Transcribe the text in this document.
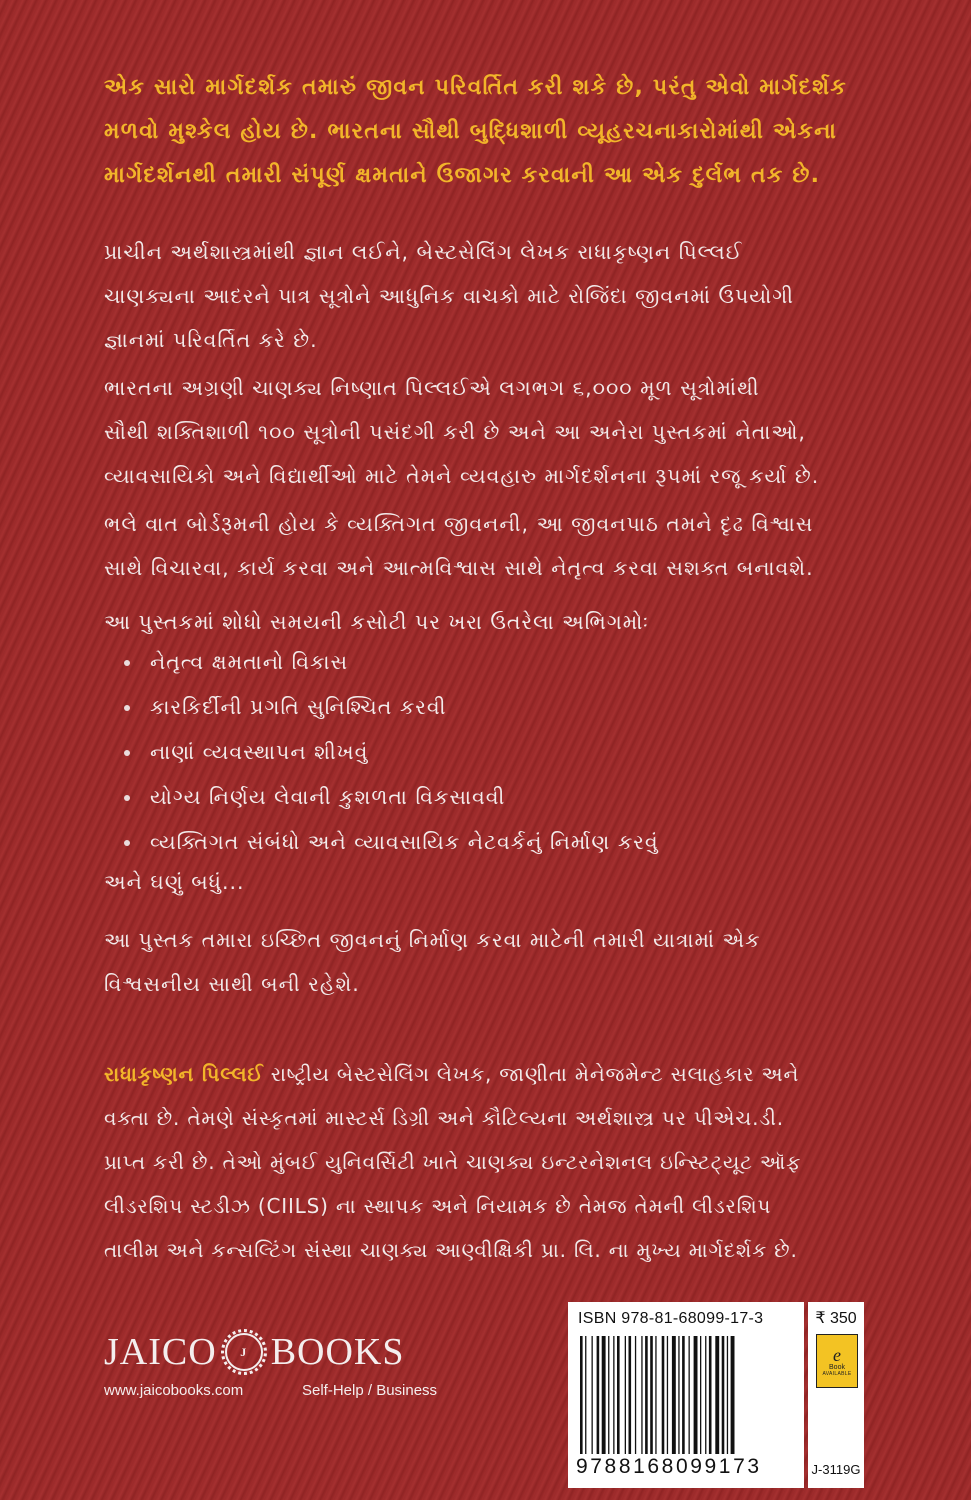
એક સારો માર્ગદર્શક તમારું જીવન પરિવર્તિત કરી શકે છે, પરંતુ એવો માર્ગદર્શક
મળવો મુશ્કેલ હોય છે. ભારતના સૌથી બુદ્ધિશાળી વ્યૂહરચનાકારોમાંથી એકના
માર્ગદર્શનથી તમારી સંપૂર્ણ ક્ષમતાને ઉજાગર કરવાની આ એક દુર્લભ તક છે.
પ્રાચીન અર્થશાસ્ત્રમાંથી જ્ઞાન લઈને, બેસ્ટસેલિંગ લેખક રાધાકૃષ્ણન પિલ્લઈ
ચાણક્યના આદરને પાત્ર સૂત્રોને આધુનિક વાચકો માટે રોજિંદા જીવનમાં ઉપયોગી
જ્ઞાનમાં પરિવર્તિત કરે છે.
ભારતના અગ્રણી ચાણક્ય નિષ્ણાત પિલ્લઈએ લગભગ ૬,૦૦૦ મૂળ સૂત્રોમાંથી
સૌથી શક્તિશાળી ૧૦૦ સૂત્રોની પસંદગી કરી છે અને આ અનેરા પુસ્તકમાં નેતાઓ,
વ્યાવસાયિકો અને વિદ્યાર્થીઓ માટે તેમને વ્યવહારુ માર્ગદર્શનના રૂપમાં રજૂ કર્યા છે.
ભલે વાત બોર્ડરૂમની હોય કે વ્યક્તિગત જીવનની, આ જીવનપાઠ તમને દૃઢ વિશ્વાસ
સાથે વિચારવા, કાર્ય કરવા અને આત્મવિશ્વાસ સાથે નેતૃત્વ કરવા સશક્ત બનાવશે.
આ પુસ્તકમાં શોધો સમયની કસોટી પર ખરા ઉતરેલા અભિગમોઃ
નેતૃત્વ ક્ષમતાનો વિકાસ
કારકિર્દીની પ્રગતિ સુનિશ્ચિત કરવી
નાણાં વ્યવસ્થાપન શીખવું
યોગ્ય નિર્ણય લેવાની કુશળતા વિકસાવવી
વ્યક્તિગત સંબંધો અને વ્યાવસાયિક નેટવર્કનું નિર્માણ કરવું
અને ઘણું બધું...
આ પુસ્તક તમારા ઇચ્છિત જીવનનું નિર્માણ કરવા માટેની તમારી યાત્રામાં એક
વિશ્વસનીય સાથી બની રહેશે.
રાધાકૃષ્ણન પિલ્લઈ રાષ્ટ્રીય બેસ્ટસેલિંગ લેખક, જાણીતા મેનેજમેન્ટ સલાહકાર અને
વક્તા છે. તેમણે સંસ્કૃતમાં માસ્ટર્સ ડિગ્રી અને કૌટિલ્યના અર્થશાસ્ત્ર પર પીએચ.ડી.
પ્રાપ્ત કરી છે. તેઓ મુંબઈ યુનિવર્સિટી ખાતે ચાણક્ય ઇન્ટરનેશનલ ઇન્સ્ટિટ્યૂટ ઑફ
લીડરશિપ સ્ટડીઝ (CIILS) ના સ્થાપક અને નિયામક છે તેમજ તેમની લીડરશિપ
તાલીમ અને કન્સલ્ટિંગ સંસ્થા ચાણક્ય આણ્વીક્ષિકી પ્રા. લિ. ના મુખ્ય માર્ગદર્શક છે.
JAICO J BOOKS
www.jaicobooks.com	Self-Help / Business
ISBN 978-81-68099-17-3
9788168099173
₹ 350
e
Book
AVAILABLE
J-3119G
